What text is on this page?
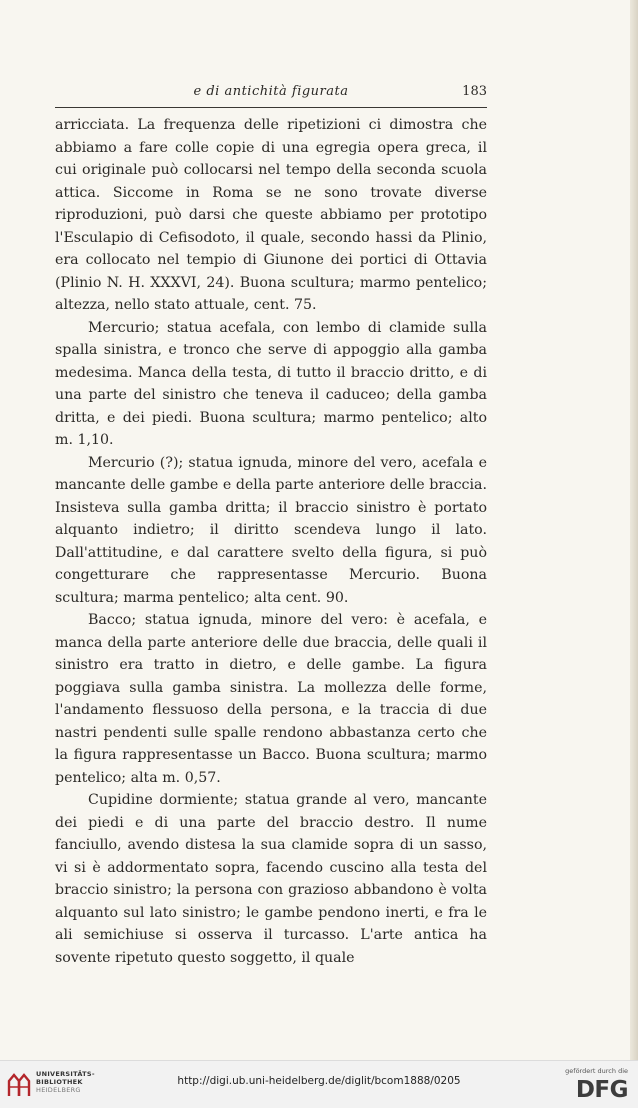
e di antichità figurata	183

arricciata. La frequenza delle ripetizioni ci dimostra che abbiamo a fare colle copie di una egregia opera greca, il cui originale può collocarsi nel tempo della seconda scuola attica. Siccome in Roma se ne sono trovate diverse riproduzioni, può darsi che queste abbiamo per prototipo l'Esculapio di Cefisodoto, il quale, secondo hassi da Plinio, era collocato nel tempio di Giunone dei portici di Ottavia (Plinio N. H. XXXVI, 24). Buona scultura; marmo pentelico; altezza, nello stato attuale, cent. 75.

Mercurio; statua acefala, con lembo di clamide sulla spalla sinistra, e tronco che serve di appoggio alla gamba medesima. Manca della testa, di tutto il braccio dritto, e di una parte del sinistro che teneva il caduceo; della gamba dritta, e dei piedi. Buona scultura; marmo pentelico; alto m. 1,10.

Mercurio (?); statua ignuda, minore del vero, acefala e mancante delle gambe e della parte anteriore delle braccia. Insisteva sulla gamba dritta; il braccio sinistro è portato alquanto indietro; il diritto scendeva lungo il lato. Dall'attitudine, e dal carattere svelto della figura, si può congetturare che rappresentasse Mercurio. Buona scultura; marma pentelico; alta cent. 90.

Bacco; statua ignuda, minore del vero: è acefala, e manca della parte anteriore delle due braccia, delle quali il sinistro era tratto in dietro, e delle gambe. La figura poggiava sulla gamba sinistra. La mollezza delle forme, l'andamento flessuoso della persona, e la traccia di due nastri pendenti sulle spalle rendono abbastanza certo che la figura rappresentasse un Bacco. Buona scultura; marmo pentelico; alta m. 0,57.

Cupidine dormiente; statua grande al vero, mancante dei piedi e di una parte del braccio destro. Il nume fanciullo, avendo distesa la sua clamide sopra di un sasso, vi si è addormentato sopra, facendo cuscino alla testa del braccio sinistro; la persona con grazioso abbandono è volta alquanto sul lato sinistro; le gambe pendono inerti, e fra le ali semichiuse si osserva il turcasso. L'arte antica ha sovente ripetuto questo soggetto, il quale

UNIVERSITÄTS-
BIBLIOTHEK
HEIDELBERG
http://digi.ub.uni-heidelberg.de/diglit/bcom1888/0205
gefördert durch die
DFG
